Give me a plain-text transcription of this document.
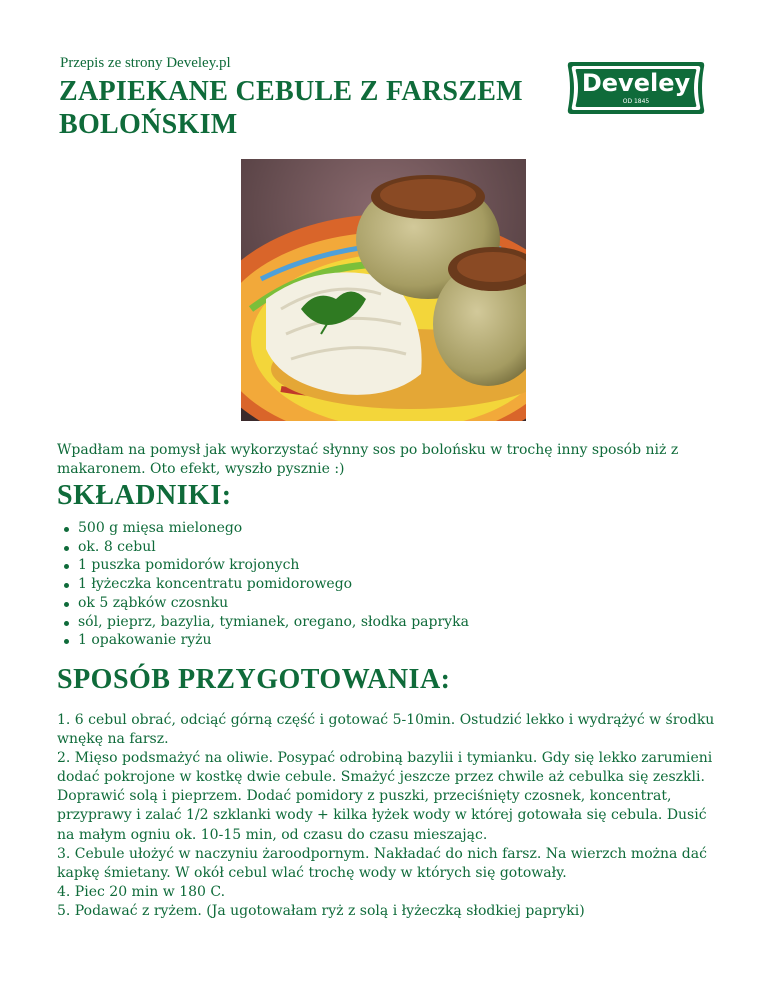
Przepis ze strony Develey.pl
ZAPIEKANE CEBULE Z FARSZEM BOLOŃSKIM
Develey
OD 1845

Wpadłam na pomysł jak wykorzystać słynny sos po bolońsku w trochę inny sposób niż z makaronem. Oto efekt, wyszło pysznie :)

SKŁADNIKI:
500 g mięsa mielonego
ok. 8 cebul
1 puszka pomidorów krojonych
1 łyżeczka koncentratu pomidorowego
ok 5 ząbków czosnku
sól, pieprz, bazylia, tymianek, oregano, słodka papryka
1 opakowanie ryżu
SPOSÓB PRZYGOTOWANIA:
1. 6 cebul obrać, odciąć górną część i gotować 5-10min. Ostudzić lekko i wydrążyć w środku wnękę na farsz.
2. Mięso podsmażyć na oliwie. Posypać odrobiną bazylii i tymianku. Gdy się lekko zarumieni dodać pokrojone w kostkę dwie cebule. Smażyć jeszcze przez chwile aż cebulka się zeszkli. Doprawić solą i pieprzem. Dodać pomidory z puszki, przeciśnięty czosnek, koncentrat, przyprawy i zalać 1/2 szklanki wody + kilka łyżek wody w której gotowała się cebula. Dusić na małym ogniu ok. 10-15 min, od czasu do czasu mieszając.
3. Cebule ułożyć w naczyniu żaroodpornym. Nakładać do nich farsz. Na wierzch można dać kapkę śmietany. W okół cebul wlać trochę wody w których się gotowały.
4. Piec 20 min w 180 C.
5. Podawać z ryżem. (Ja ugotowałam ryż z solą i łyżeczką słodkiej papryki)
